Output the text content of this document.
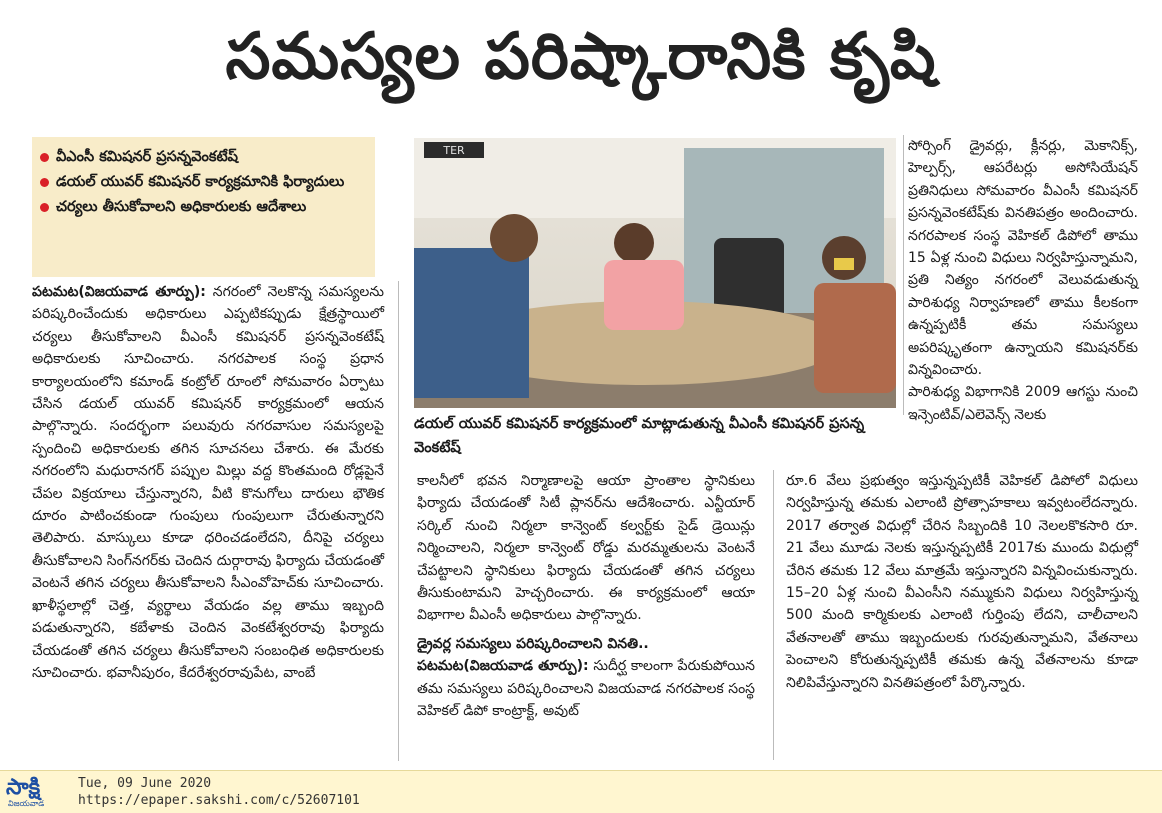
సమస్యల పరిష్కారానికి కృషి
వీఎంసీ కమిషనర్ ప్రసన్నవెంకటేష్
డయల్ యువర్ కమిషనర్ కార్యక్రమానికి ఫిర్యాదులు
చర్యలు తీసుకోవాలని అధికారులకు ఆదేశాలు

పటమట(విజయవాడ తూర్పు): నగరంలో నెలకొన్న సమస్యలను పరిష్కరించేందుకు అధికారులు ఎప్పటికప్పుడు క్షేత్రస్థాయిలో చర్యలు తీసుకోవాలని వీఎంసీ కమిషనర్ ప్రసన్నవెంకటేష్ అధికారులకు సూచించారు. నగరపాలక సంస్థ ప్రధాన కార్యాలయంలోని కమాండ్ కంట్రోల్ రూంలో సోమవారం ఏర్పాటు చేసిన డయల్ యువర్ కమిషనర్ కార్యక్రమంలో ఆయన పాల్గొన్నారు. సందర్భంగా పలువురు నగరవాసుల సమస్యలపై స్పందించి అధికారులకు తగిన సూచనలు చేశారు. ఈ మేరకు నగరంలోని మధురానగర్ పప్పుల మిల్లు వద్ద కొంతమంది రోడ్లపైనే చేపల విక్రయాలు చేస్తున్నారని, వీటి కొనుగోలు దారులు భౌతిక దూరం పాటించకుండా గుంపులు గుంపులుగా చేరుతున్నారని తెలిపారు. మాస్కులు కూడా ధరించడంలేదని, దీనిపై చర్యలు తీసుకోవాలని సింగ్‌నగర్‌కు చెందిన దుర్గారావు ఫిర్యాదు చేయడంతో వెంటనే తగిన చర్యలు తీసుకోవాలని సీఎంవోహెచ్‌కు సూచించారు. ఖాళీస్థలాల్లో చెత్త, వ్యర్థాలు వేయడం వల్ల తాము ఇబ్బంది పడుతున్నారని, కబేళాకు చెందిన వెంకటేశ్వరరావు ఫిర్యాదు చేయడంతో తగిన చర్యలు తీసుకోవాలని సంబంధిత అధికారులకు సూచించారు. భవానీపురం, కేదరేశ్వరరావుపేట, వాంబే

TER
డయల్ యువర్ కమిషనర్ కార్యక్రమంలో మాట్లాడుతున్న వీఎంసీ కమిషనర్ ప్రసన్న వెంకటేష్

కాలనీలో భవన నిర్మాణాలపై ఆయా ప్రాంతాల స్థానికులు ఫిర్యాదు చేయడంతో సిటీ ప్లానర్‌ను ఆదేశించారు. ఎన్టీయార్ సర్కిల్ నుంచి నిర్మలా కాన్వెంట్ కల్వర్ట్‌కు సైడ్ డ్రెయిన్లు నిర్మించాలని, నిర్మలా కాన్వెంట్ రోడ్డు మరమ్మతులను వెంటనే చేపట్టాలని స్థానికులు ఫిర్యాదు చేయడంతో తగిన చర్యలు తీసుకుంటామని హెచ్చరించారు. ఈ కార్యక్రమంలో ఆయా విభాగాల వీఎంసీ అధికారులు పాల్గొన్నారు.

డ్రైవర్ల సమస్యలు పరిష్కరించాలని వినతి..

పటమట(విజయవాడ తూర్పు): సుదీర్ఘ కాలంగా పేరుకుపోయిన తమ సమస్యలు పరిష్కరించాలని విజయవాడ నగరపాలక సంస్థ వెహికల్ డిపో కాంట్రాక్ట్, అవుట్

సోర్సింగ్ డ్రైవర్లు, క్లీనర్లు, మెకానిక్స్, హెల్పర్స్, ఆపరేటర్లు అసోసియేషన్ ప్రతినిధులు సోమవారం వీఎంసీ కమిషనర్ ప్రసన్నవెంకటేష్‌కు వినతిపత్రం అందించారు. నగరపాలక సంస్థ వెహికల్ డిపోలో తాము 15 ఏళ్ల నుంచి విధులు నిర్వహిస్తున్నామని, ప్రతి నిత్యం నగరంలో వెలువడుతున్న పారిశుధ్య నిర్వాహణలో తాము కీలకంగా ఉన్నప్పటికీ తమ సమస్యలు అపరిష్కృతంగా ఉన్నాయని కమిషనర్‌కు విన్నవించారు.

పారిశుధ్య విభాగానికి 2009 ఆగస్టు నుంచి ఇన్సెంటివ్/ఎలెవెన్స్ నెలకు

రూ.6 వేలు ప్రభుత్వం ఇస్తున్నప్పటికీ వెహికల్ డిపోలో విధులు నిర్వహిస్తున్న తమకు ఎలాంటి ప్రోత్సాహకాలు ఇవ్వటంలేదన్నారు. 2017 తర్వాత విధుల్లో చేరిన సిబ్బందికి 10 నెలలకొకసారి రూ. 21 వేలు మూడు నెలకు ఇస్తున్నప్పటికీ 2017కు ముందు విధుల్లో చేరిన తమకు 12 వేలు మాత్రమే ఇస్తున్నారని విన్నవించుకున్నారు. 15–20 ఏళ్ల నుంచి వీఎంసీని నమ్ముకుని విధులు నిర్వహిస్తున్న 500 మంది కార్మికులకు ఎలాంటి గుర్తింపు లేదని, చాలీచాలని వేతనాలతో తాము ఇబ్బందులకు గురవుతున్నామని, వేతనాలు పెంచాలని కోరుతున్నప్పటికీ తమకు ఉన్న వేతనాలను కూడా నిలిపివేస్తున్నారని వినతిపత్రంలో పేర్కొన్నారు.

సాక్షి
విజయవాడ
Tue, 09 June 2020
https://epaper.sakshi.com/c/52607101
